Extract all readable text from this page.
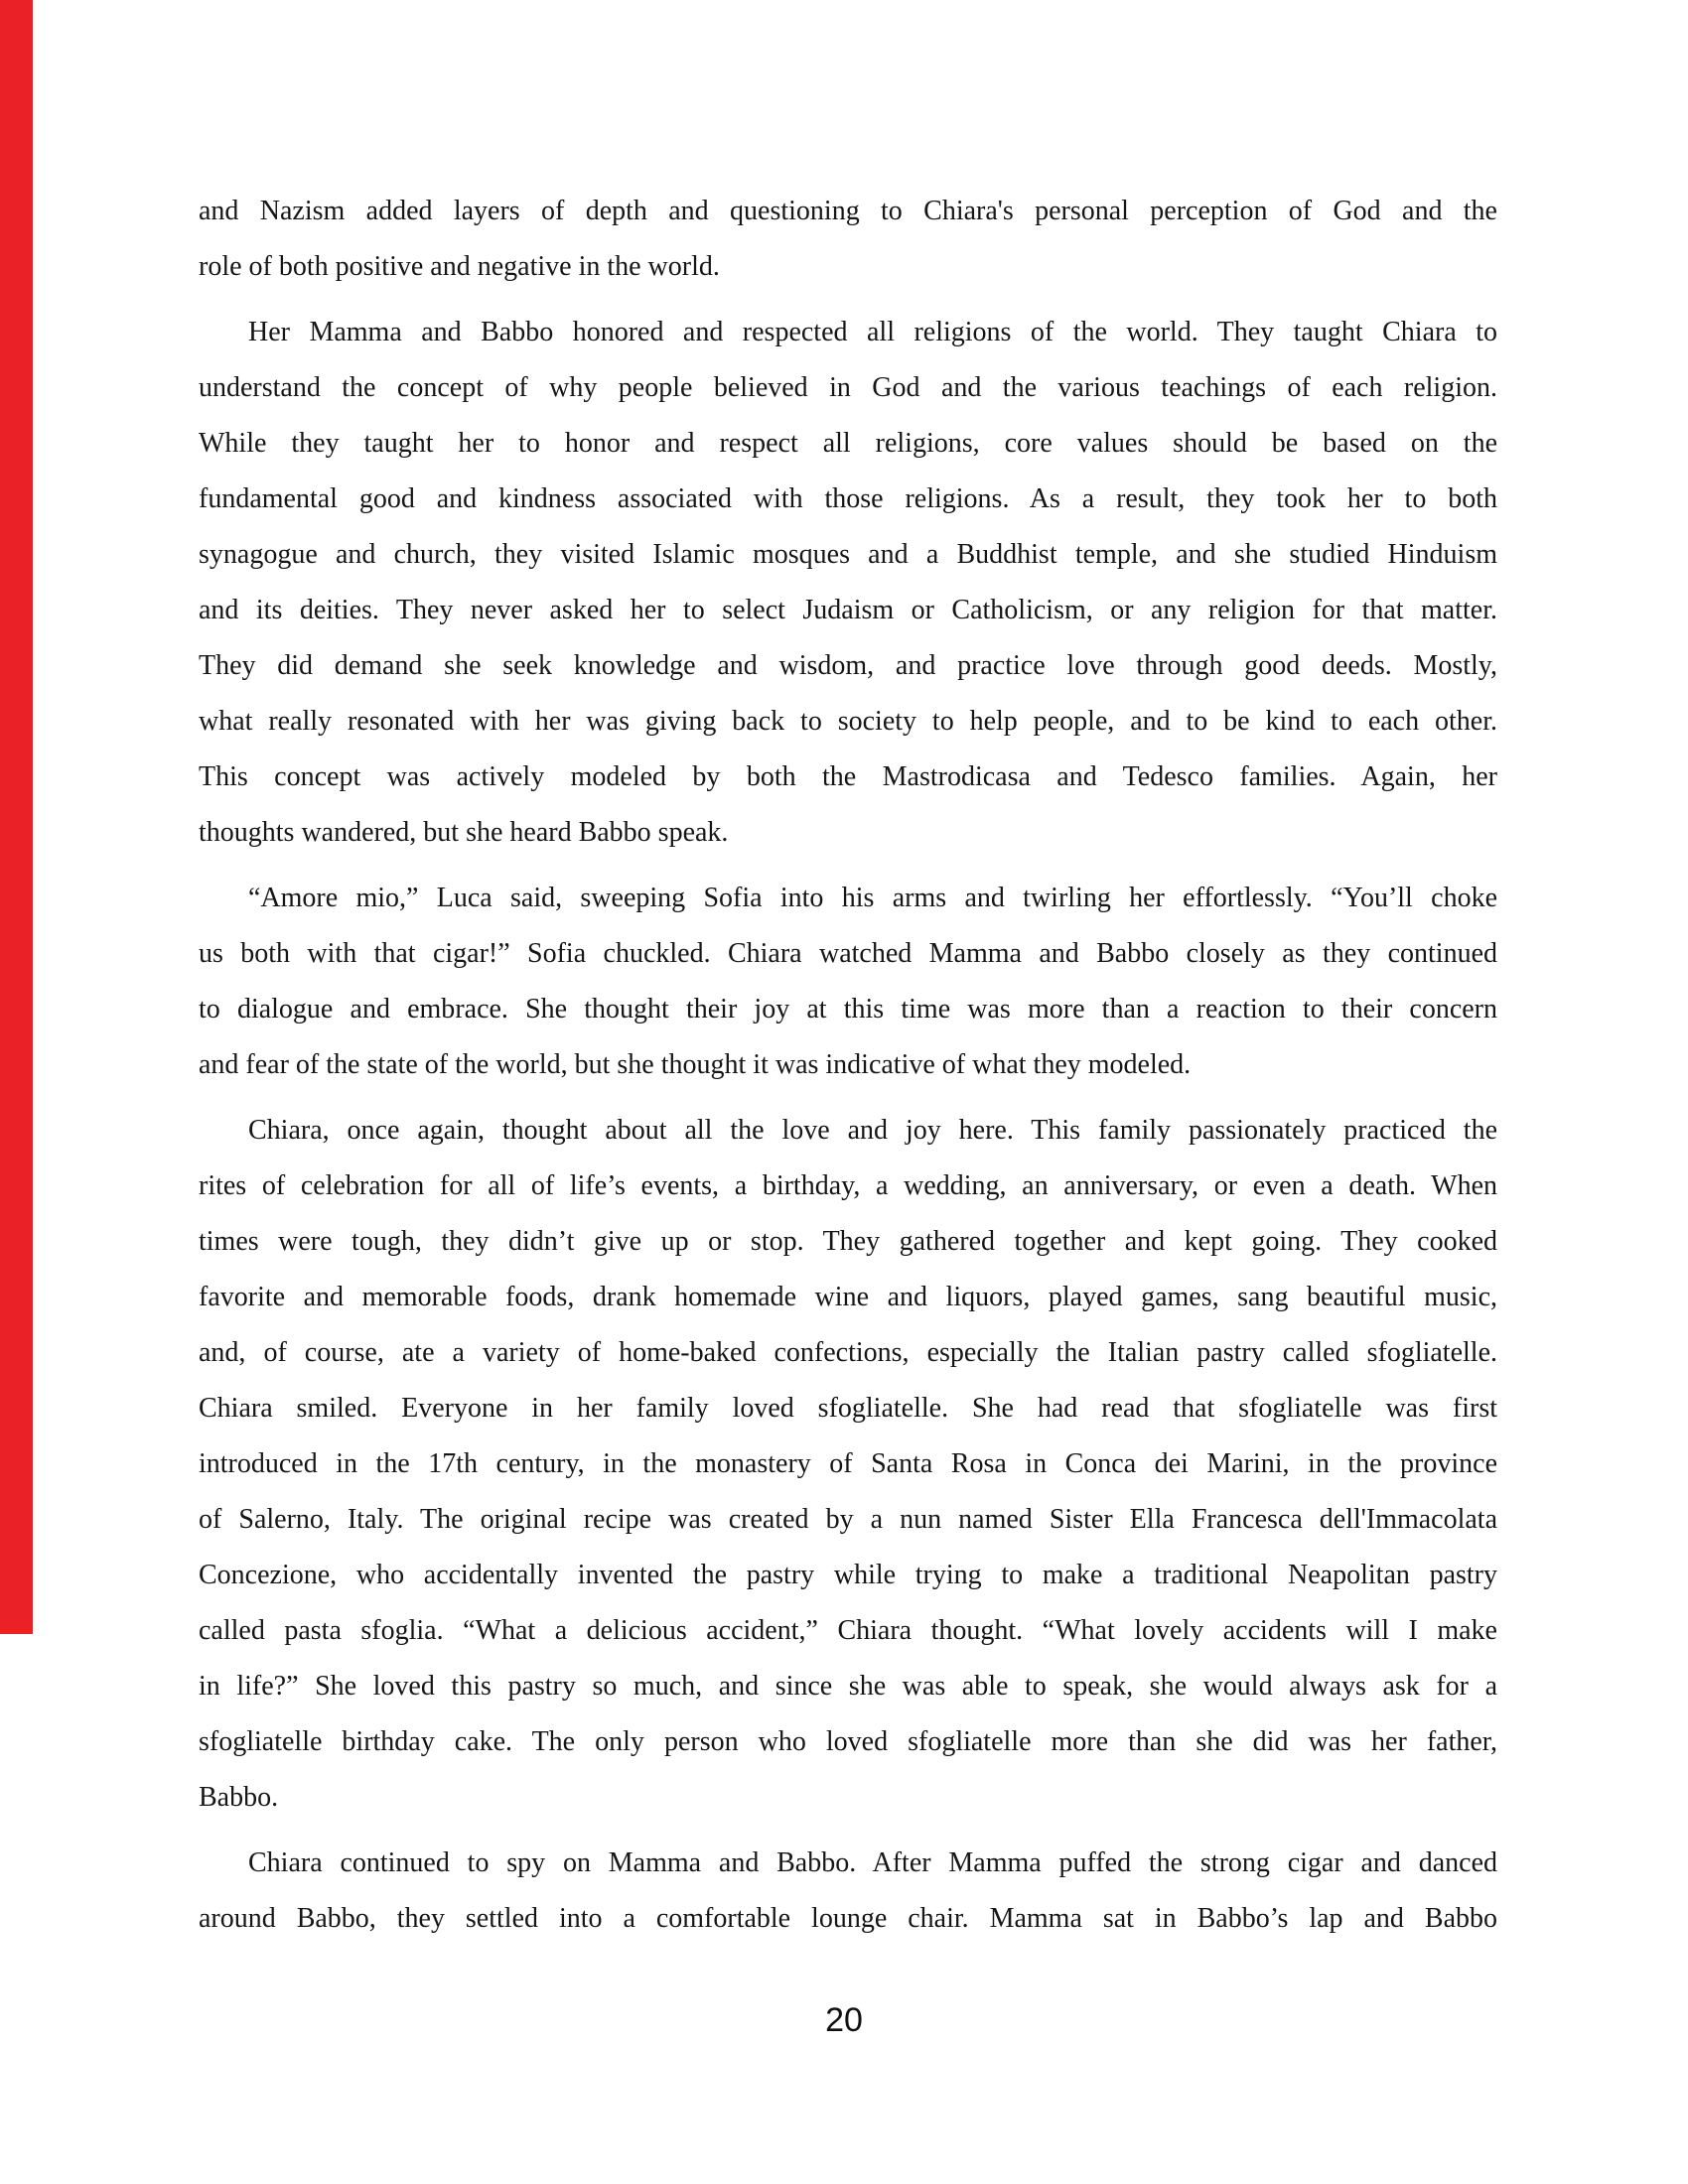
and Nazism added layers of depth and questioning to Chiara's personal perception of God and the
role of both positive and negative in the world.
Her Mamma and Babbo honored and respected all religions of the world. They taught Chiara to
understand the concept of why people believed in God and the various teachings of each religion.
While they taught her to honor and respect all religions, core values should be based on the
fundamental good and kindness associated with those religions. As a result, they took her to both
synagogue and church, they visited Islamic mosques and a Buddhist temple, and she studied Hinduism
and its deities. They never asked her to select Judaism or Catholicism, or any religion for that matter.
They did demand she seek knowledge and wisdom, and practice love through good deeds. Mostly,
what really resonated with her was giving back to society to help people, and to be kind to each other.
This concept was actively modeled by both the Mastrodicasa and Tedesco families. Again, her
thoughts wandered, but she heard Babbo speak.
“Amore mio,” Luca said, sweeping Sofia into his arms and twirling her effortlessly. “You’ll choke
us both with that cigar!” Sofia chuckled. Chiara watched Mamma and Babbo closely as they continued
to dialogue and embrace. She thought their joy at this time was more than a reaction to their concern
and fear of the state of the world, but she thought it was indicative of what they modeled.
Chiara, once again, thought about all the love and joy here. This family passionately practiced the
rites of celebration for all of life’s events, a birthday, a wedding, an anniversary, or even a death. When
times were tough, they didn’t give up or stop. They gathered together and kept going. They cooked
favorite and memorable foods, drank homemade wine and liquors, played games, sang beautiful music,
and, of course, ate a variety of home-baked confections, especially the Italian pastry called sfogliatelle.
Chiara smiled. Everyone in her family loved sfogliatelle. She had read that sfogliatelle was first
introduced in the 17th century, in the monastery of Santa Rosa in Conca dei Marini, in the province
of Salerno, Italy. The original recipe was created by a nun named Sister Ella Francesca dell'Immacolata
Concezione, who accidentally invented the pastry while trying to make a traditional Neapolitan pastry
called pasta sfoglia. “What a delicious accident,” Chiara thought. “What lovely accidents will I make
in life?” She loved this pastry so much, and since she was able to speak, she would always ask for a
sfogliatelle birthday cake. The only person who loved sfogliatelle more than she did was her father,
Babbo.
Chiara continued to spy on Mamma and Babbo. After Mamma puffed the strong cigar and danced
around Babbo, they settled into a comfortable lounge chair. Mamma sat in Babbo’s lap and Babbo
20
